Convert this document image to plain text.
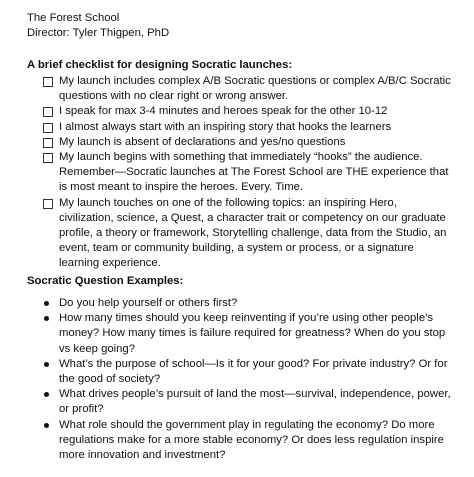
The Forest School
Director: Tyler Thigpen, PhD
A brief checklist for designing Socratic launches:
My launch includes complex A/B Socratic questions or complex A/B/C Socratic questions with no clear right or wrong answer.
I speak for max 3-4 minutes and heroes speak for the other 10-12
I almost always start with an inspiring story that hooks the learners
My launch is absent of declarations and yes/no questions
My launch begins with something that immediately “hooks” the audience. Remember—Socratic launches at The Forest School are THE experience that is most meant to inspire the heroes. Every. Time.
My launch touches on one of the following topics: an inspiring Hero, civilization, science, a Quest, a character trait or competency on our graduate profile, a theory or framework, Storytelling challenge, data from the Studio, an event, team or community building, a system or process, or a signature learning experience.
Socratic Question Examples:
Do you help yourself or others first?
How many times should you keep reinventing if you’re using other people’s money? How many times is failure required for greatness? When do you stop vs keep going?
What’s the purpose of school—Is it for your good? For private industry? Or for the good of society?
What drives people’s pursuit of land the most—survival, independence, power, or profit?
What role should the government play in regulating the economy? Do more regulations make for a more stable economy? Or does less regulation inspire more innovation and investment?
